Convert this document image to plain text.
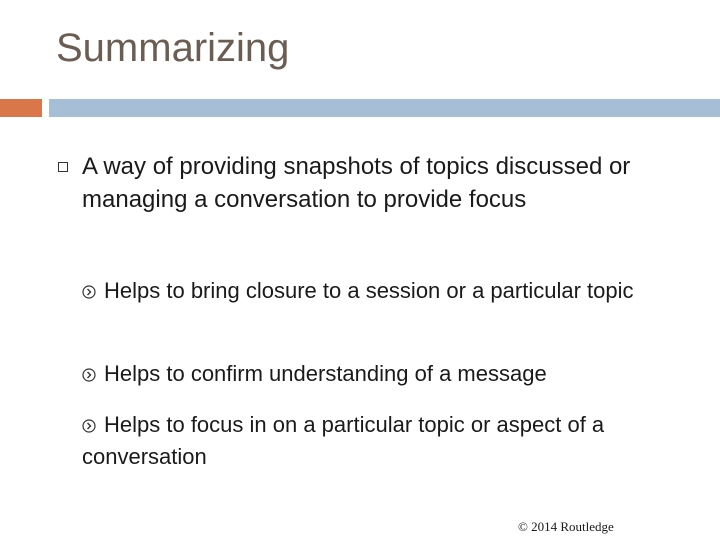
Summarizing
A way of providing snapshots of topics discussed or managing a conversation to provide focus
Helps to bring closure to a session or a particular topic
Helps to confirm understanding of a message
Helps to focus in on a particular topic or aspect of a conversation
© 2014 Routledge
